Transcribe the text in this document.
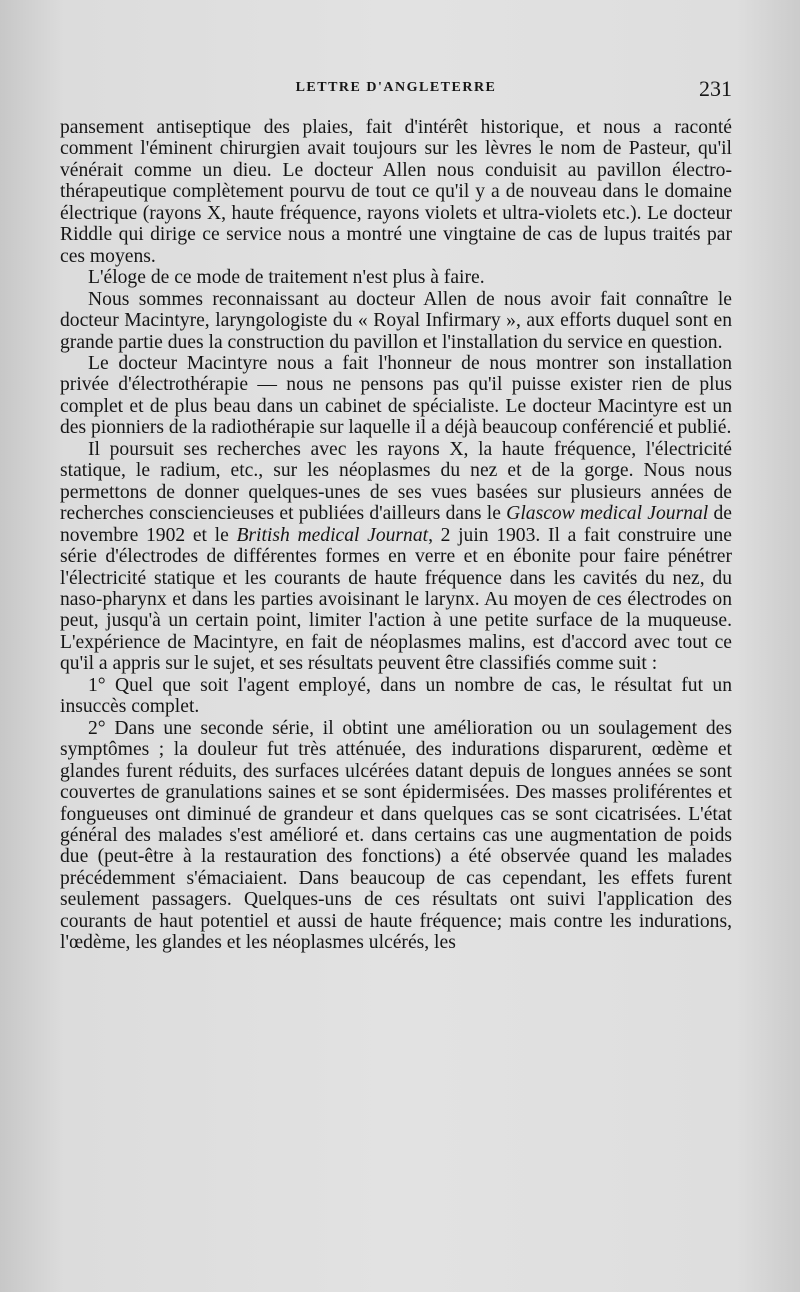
LETTRE D'ANGLETERRE	231

pansement antiseptique des plaies, fait d'intérêt historique, et nous a raconté comment l'éminent chirurgien avait toujours sur les lèvres le nom de Pasteur, qu'il vénérait comme un dieu. Le docteur Allen nous conduisit au pavillon électro-thérapeutique complètement pourvu de tout ce qu'il y a de nouveau dans le domaine électrique (rayons X, haute fréquence, rayons violets et ultra-violets etc.). Le docteur Riddle qui dirige ce service nous a montré une vingtaine de cas de lupus traités par ces moyens.

L'éloge de ce mode de traitement n'est plus à faire.

Nous sommes reconnaissant au docteur Allen de nous avoir fait connaître le docteur Macintyre, laryngologiste du « Royal Infirmary », aux efforts duquel sont en grande partie dues la construction du pavillon et l'installation du service en question.

Le docteur Macintyre nous a fait l'honneur de nous montrer son installation privée d'électrothérapie — nous ne pensons pas qu'il puisse exister rien de plus complet et de plus beau dans un cabinet de spécialiste. Le docteur Macintyre est un des pionniers de la radiothérapie sur laquelle il a déjà beaucoup conférencié et publié.

Il poursuit ses recherches avec les rayons X, la haute fréquence, l'électricité statique, le radium, etc., sur les néoplasmes du nez et de la gorge. Nous nous permettons de donner quelques-unes de ses vues basées sur plusieurs années de recherches consciencieuses et publiées d'ailleurs dans le Glascow medical Journal de novembre 1902 et le British medical Journat, 2 juin 1903. Il a fait construire une série d'électrodes de différentes formes en verre et en ébonite pour faire pénétrer l'électricité statique et les courants de haute fréquence dans les cavités du nez, du naso-pharynx et dans les parties avoisinant le larynx. Au moyen de ces électrodes on peut, jusqu'à un certain point, limiter l'action à une petite surface de la muqueuse. L'expérience de Macintyre, en fait de néoplasmes malins, est d'accord avec tout ce qu'il a appris sur le sujet, et ses résultats peuvent être classifiés comme suit :

1° Quel que soit l'agent employé, dans un nombre de cas, le résultat fut un insuccès complet.

2° Dans une seconde série, il obtint une amélioration ou un soulagement des symptômes ; la douleur fut très atténuée, des indurations disparurent, œdème et glandes furent réduits, des surfaces ulcérées datant depuis de longues années se sont couvertes de granulations saines et se sont épidermisées. Des masses proliférentes et fongueuses ont diminué de grandeur et dans quelques cas se sont cicatrisées. L'état général des malades s'est amélioré et. dans certains cas une augmentation de poids due (peut-être à la restauration des fonctions) a été observée quand les malades précédemment s'émaciaient. Dans beaucoup de cas cependant, les effets furent seulement passagers. Quelques-uns de ces résultats ont suivi l'application des courants de haut potentiel et aussi de haute fréquence; mais contre les indurations, l'œdème, les glandes et les néoplasmes ulcérés, les
